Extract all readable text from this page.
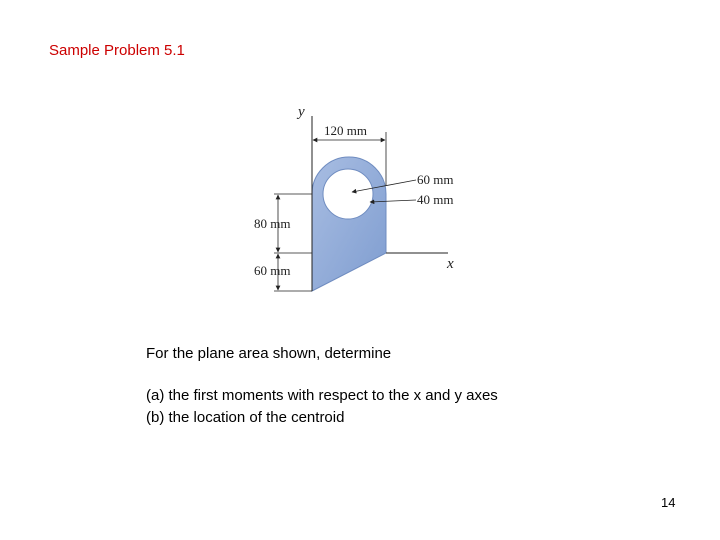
Sample Problem 5.1
y
x
120 mm
60 mm
40 mm
80 mm
60 mm
For the plane area shown, determine
(a) the first moments with respect to the x and y axes
(b) the location of the centroid
14
